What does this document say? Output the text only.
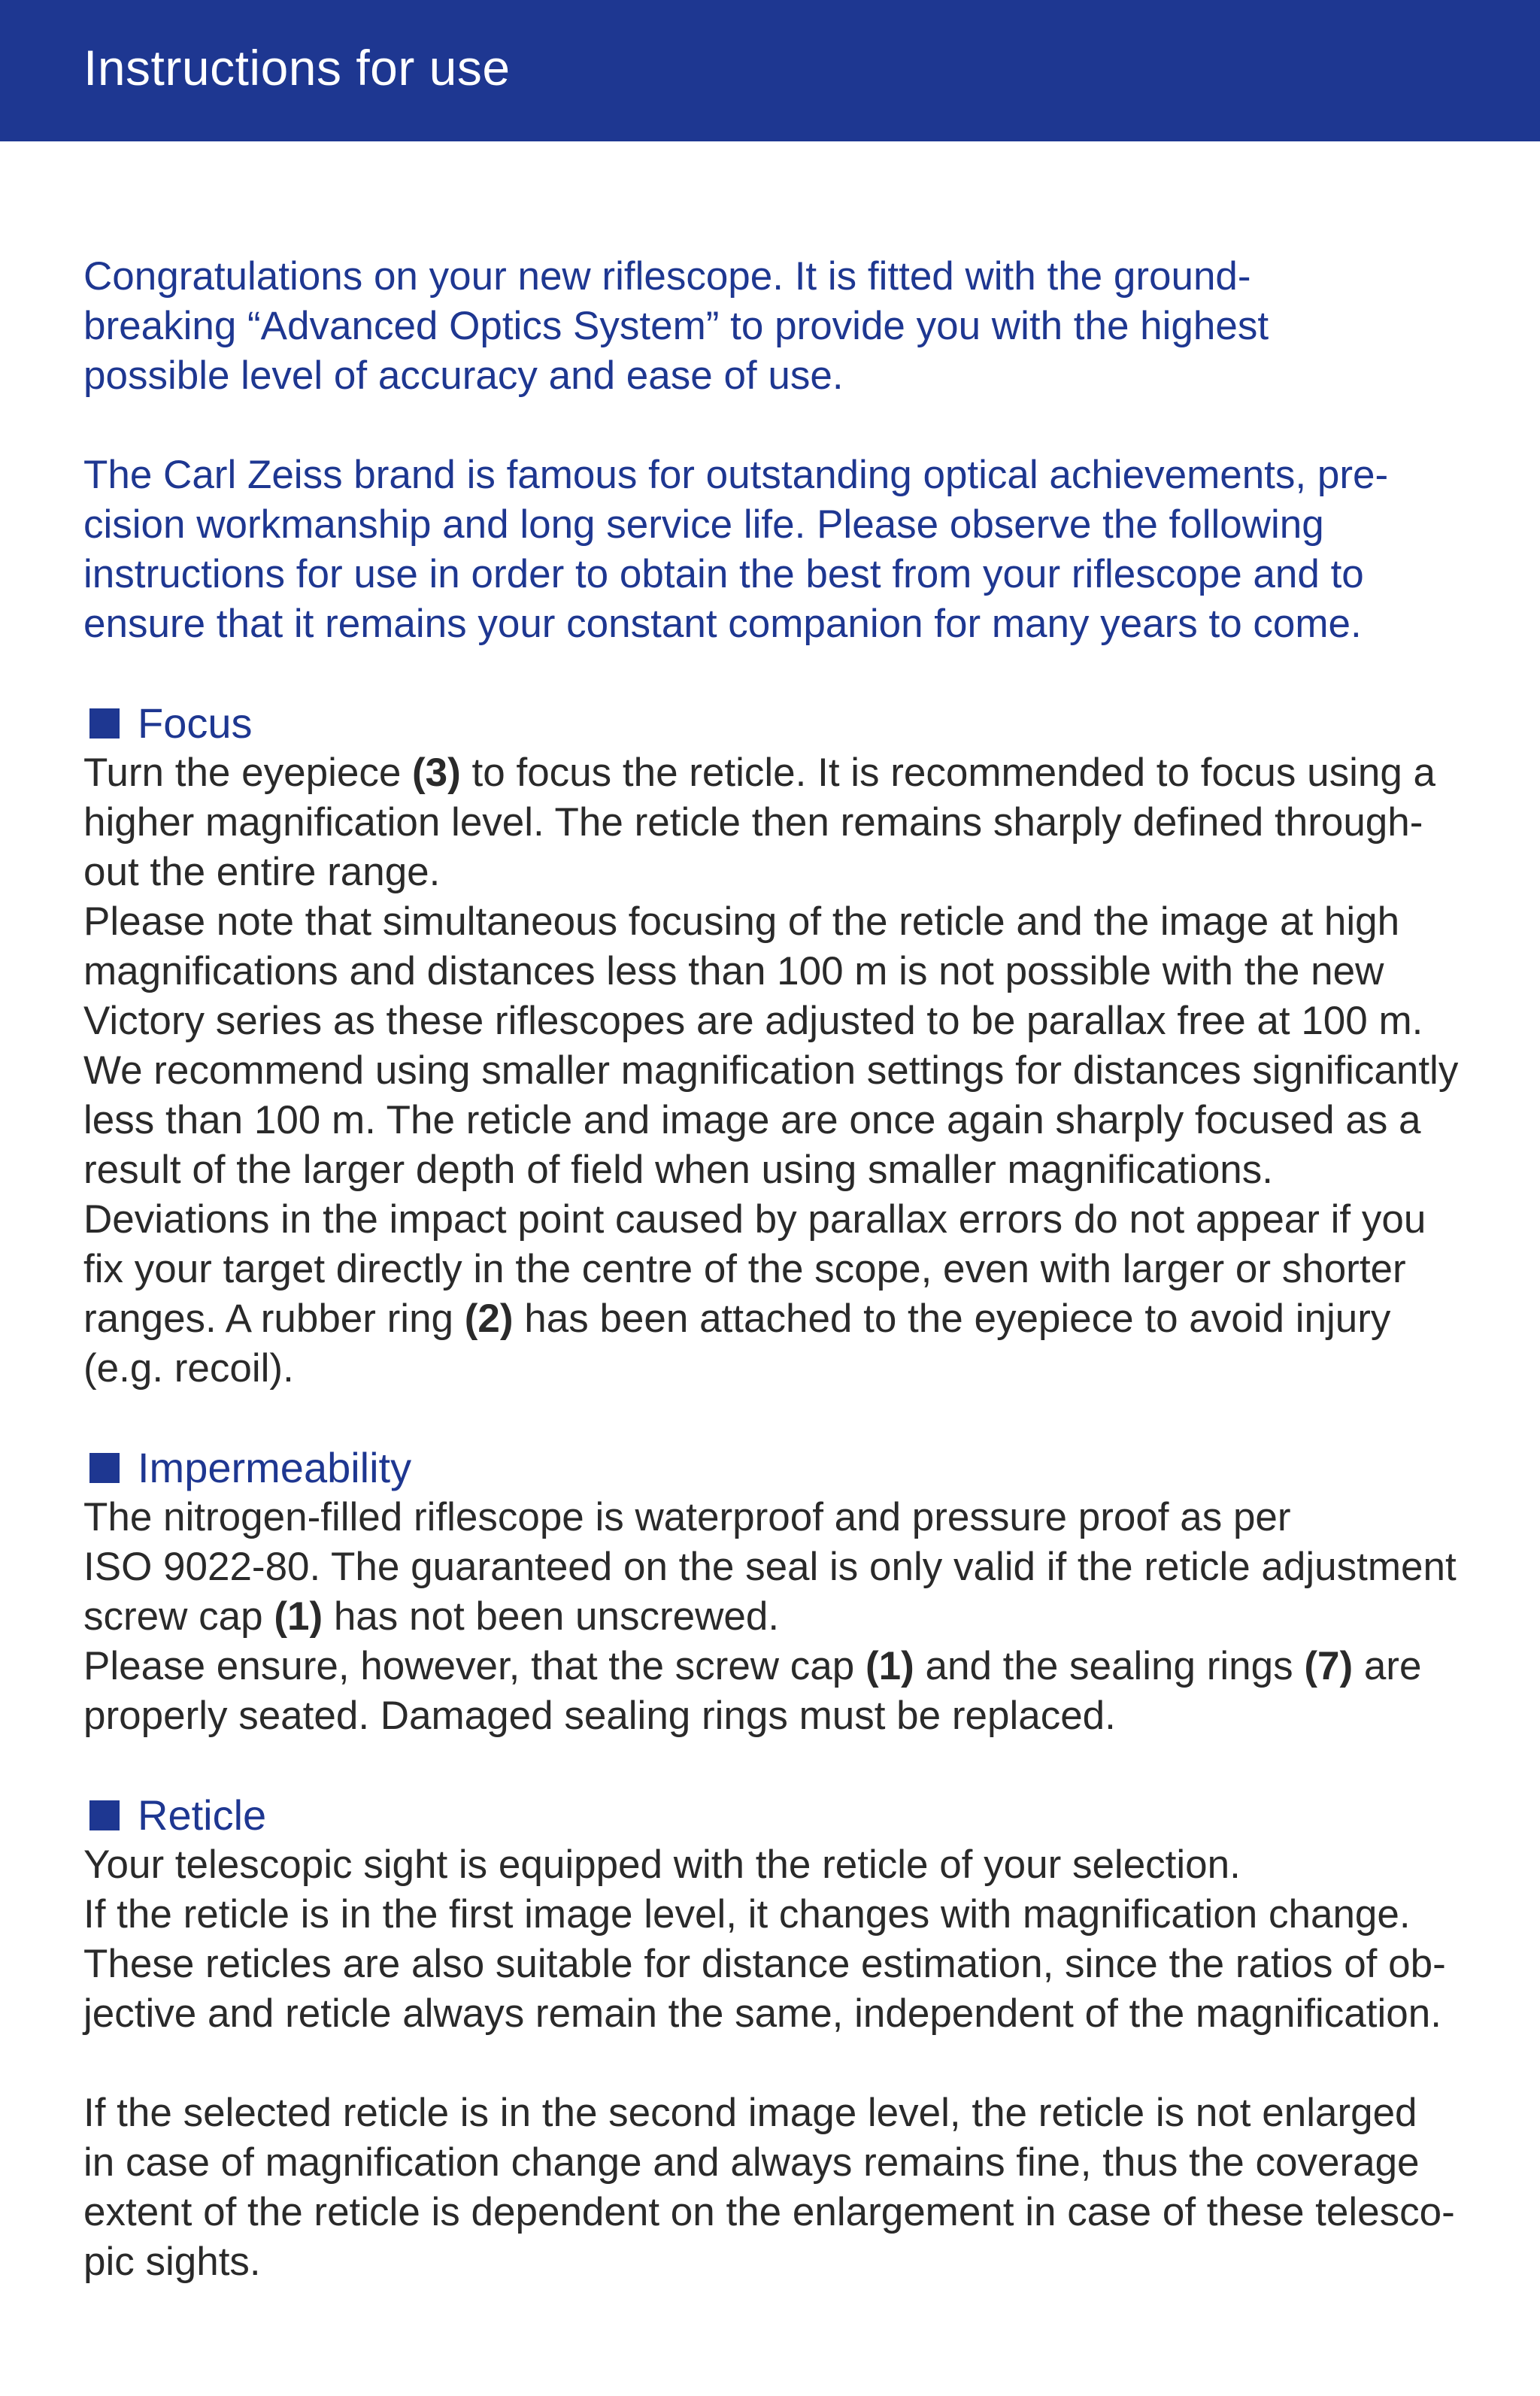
Instructions for use

Congratulations on your new riflescope. It is fitted with the ground-
breaking “Advanced Optics System” to provide you with the highest
possible level of accuracy and ease of use.

The Carl Zeiss brand is famous for outstanding optical achievements, pre-
cision workmanship and long service life. Please observe the following
instructions for use in order to obtain the best from your riflescope and to
ensure that it remains your constant companion for many years to come.

Focus

Turn the eyepiece (3) to focus the reticle. It is recommended to focus using a
higher magnification level. The reticle then remains sharply defined through-
out the entire range.
Please note that simultaneous focusing of the reticle and the image at high
magnifications and distances less than 100 m is not possible with the new
Victory series as these riflescopes are adjusted to be parallax free at 100 m.
We recommend using smaller magnification settings for distances significantly
less than 100 m. The reticle and image are once again sharply focused as a
result of the larger depth of field when using smaller magnifications.
Deviations in the impact point caused by parallax errors do not appear if you
fix your target directly in the centre of the scope, even with larger or shorter
ranges. A rubber ring (2) has been attached to the eyepiece to avoid injury
(e.g. recoil).

Impermeability

The nitrogen-filled riflescope is waterproof and pressure proof as per
ISO 9022-80. The guaranteed on the seal is only valid if the reticle adjustment
screw cap (1) has not been unscrewed.
Please ensure, however, that the screw cap (1) and the sealing rings (7) are
properly seated. Damaged sealing rings must be replaced.

Reticle

Your telescopic sight is equipped with the reticle of your selection.
If the reticle is in the first image level, it changes with magnification change.
These reticles are also suitable for distance estimation, since the ratios of ob-
jective and reticle always remain the same, independent of the magnification.

If the selected reticle is in the second image level, the reticle is not enlarged
in case of magnification change and always remains fine, thus the coverage
extent of the reticle is dependent on the enlargement in case of these telesco-
pic sights.
